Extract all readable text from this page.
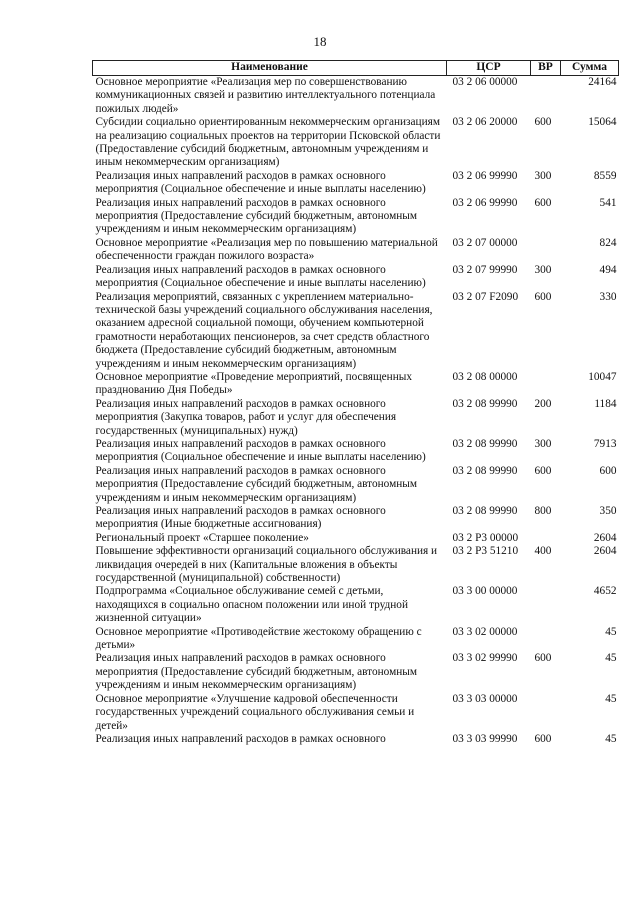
18
Наименование	ЦСР	ВР	Сумма
Основное мероприятие «Реализация мер по совершенствованию коммуникационных связей и развитию интеллектуального потенциала пожилых людей»	03 2 06 00000		24164
Субсидии социально ориентированным некоммерческим организациям на реализацию социальных проектов на территории Псковской области (Предоставление субсидий бюджетным, автономным учреждениям и иным некоммерческим организациям)	03 2 06 20000	600	15064
Реализация иных направлений расходов в рамках основного мероприятия (Социальное обеспечение и иные выплаты населению)	03 2 06 99990	300	8559
Реализация иных направлений расходов в рамках основного мероприятия (Предоставление субсидий бюджетным, автономным учреждениям и иным некоммерческим организациям)	03 2 06 99990	600	541
Основное мероприятие «Реализация мер по повышению материальной обеспеченности граждан пожилого возраста»	03 2 07 00000		824
Реализация иных направлений расходов в рамках основного мероприятия (Социальное обеспечение и иные выплаты населению)	03 2 07 99990	300	494
Реализация мероприятий, связанных с укреплением материально-технической базы учреждений социального обслуживания населения, оказанием адресной социальной помощи, обучением компьютерной грамотности неработающих пенсионеров, за счет средств областного бюджета (Предоставление субсидий бюджетным, автономным учреждениям и иным некоммерческим организациям)	03 2 07 F2090	600	330
Основное мероприятие «Проведение мероприятий, посвященных празднованию Дня Победы»	03 2 08 00000		10047
Реализация иных направлений расходов в рамках основного мероприятия (Закупка товаров, работ и услуг для обеспечения государственных (муниципальных) нужд)	03 2 08 99990	200	1184
Реализация иных направлений расходов в рамках основного мероприятия (Социальное обеспечение и иные выплаты населению)	03 2 08 99990	300	7913
Реализация иных направлений расходов в рамках основного мероприятия (Предоставление субсидий бюджетным, автономным учреждениям и иным некоммерческим организациям)	03 2 08 99990	600	600
Реализация иных направлений расходов в рамках основного мероприятия (Иные бюджетные ассигнования)	03 2 08 99990	800	350
Региональный проект «Старшее поколение»	03 2 P3 00000		2604
Повышение эффективности организаций социального обслуживания и ликвидация очередей в них (Капитальные вложения в объекты государственной (муниципальной) собственности)	03 2 P3 51210	400	2604
Подпрограмма «Социальное обслуживание семей с детьми, находящихся в социально опасном положении или иной трудной жизненной ситуации»	03 3 00 00000		4652
Основное мероприятие «Противодействие жестокому обращению с детьми»	03 3 02 00000		45
Реализация иных направлений расходов в рамках основного мероприятия (Предоставление субсидий бюджетным, автономным учреждениям и иным некоммерческим организациям)	03 3 02 99990	600	45
Основное мероприятие «Улучшение кадровой обеспеченности государственных учреждений социального обслуживания семьи и детей»	03 3 03 00000		45
Реализация иных направлений расходов в рамках основного	03 3 03 99990	600	45
